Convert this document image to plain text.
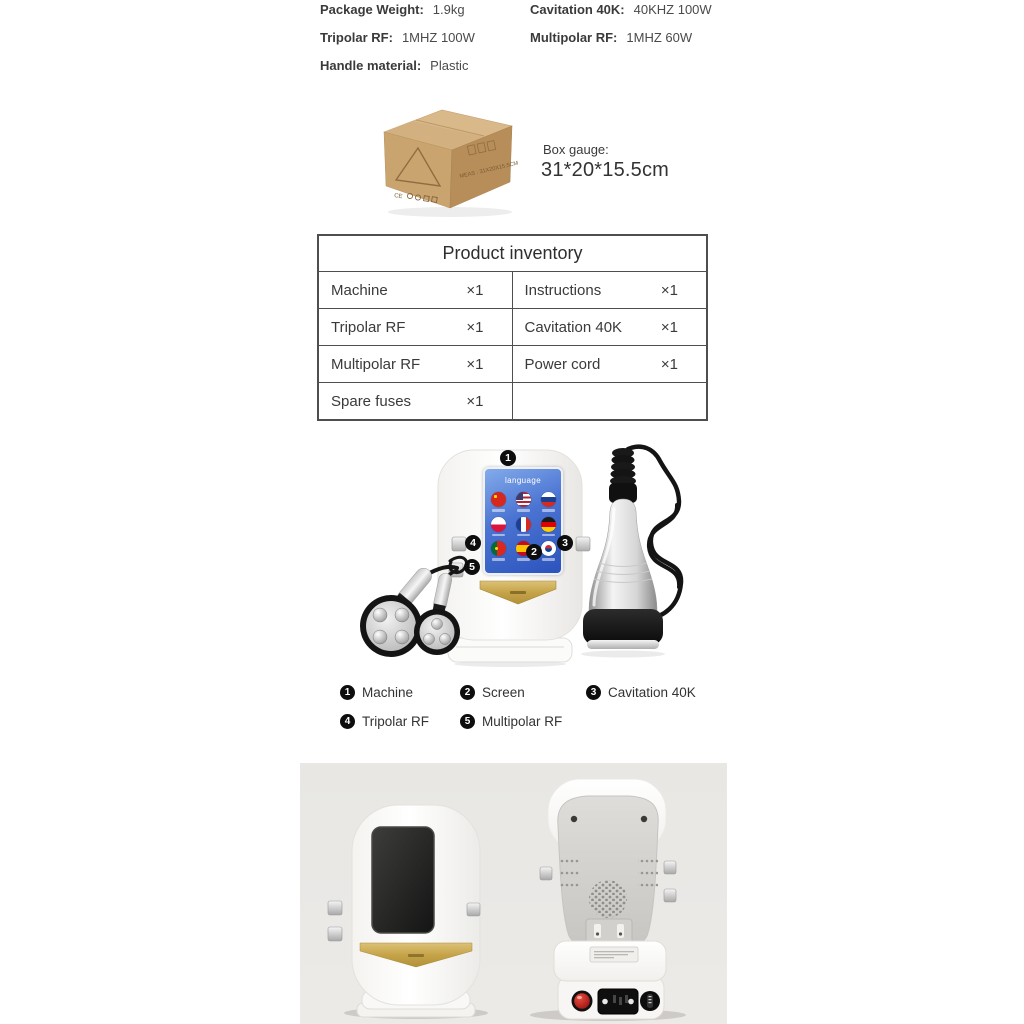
Package Weight: 1.9kg	Cavitation 40K: 40KHZ 100W
Tripolar RF: 1MHZ 100W	Multipolar RF: 1MHZ 60W
Handle material: Plastic
CE
MEAS : 31X20X15.5CM
Box gauge:
31*20*15.5cm
Product inventory
Machine	×1	Instructions	×1
Tripolar RF	×1	Cavitation 40K	×1
Multipolar RF	×1	Power cord	×1
Spare fuses	×1
language
1
2
3
4
5
1 Machine	2 Screen	3 Cavitation 40K
4 Tripolar RF	5 Multipolar RF
